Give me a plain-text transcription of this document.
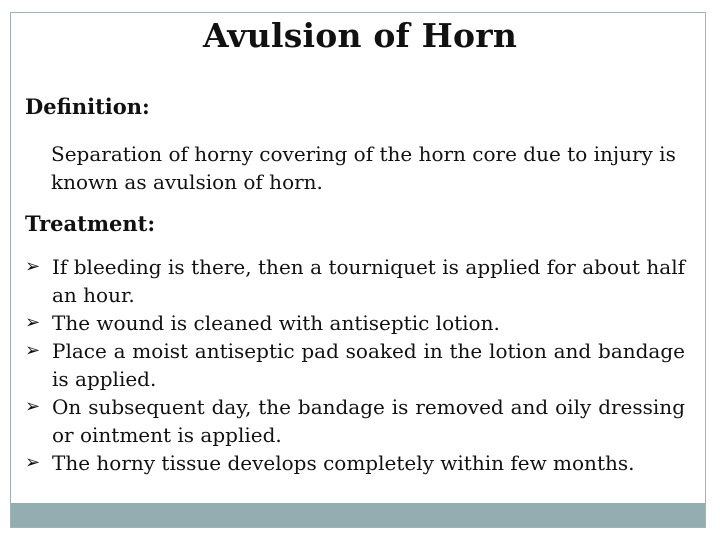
Avulsion of Horn
Definition:
Separation of horny covering of the horn core due to injury is known as avulsion of horn.
Treatment:
➢ If bleeding is there, then a tourniquet is applied for about half an hour.
➢ The wound is cleaned with antiseptic lotion.
➢ Place a moist antiseptic pad soaked in the lotion and bandage is applied.
➢ On subsequent day, the bandage is removed and oily dressing or ointment is applied.
➢ The horny tissue develops completely within few months.
